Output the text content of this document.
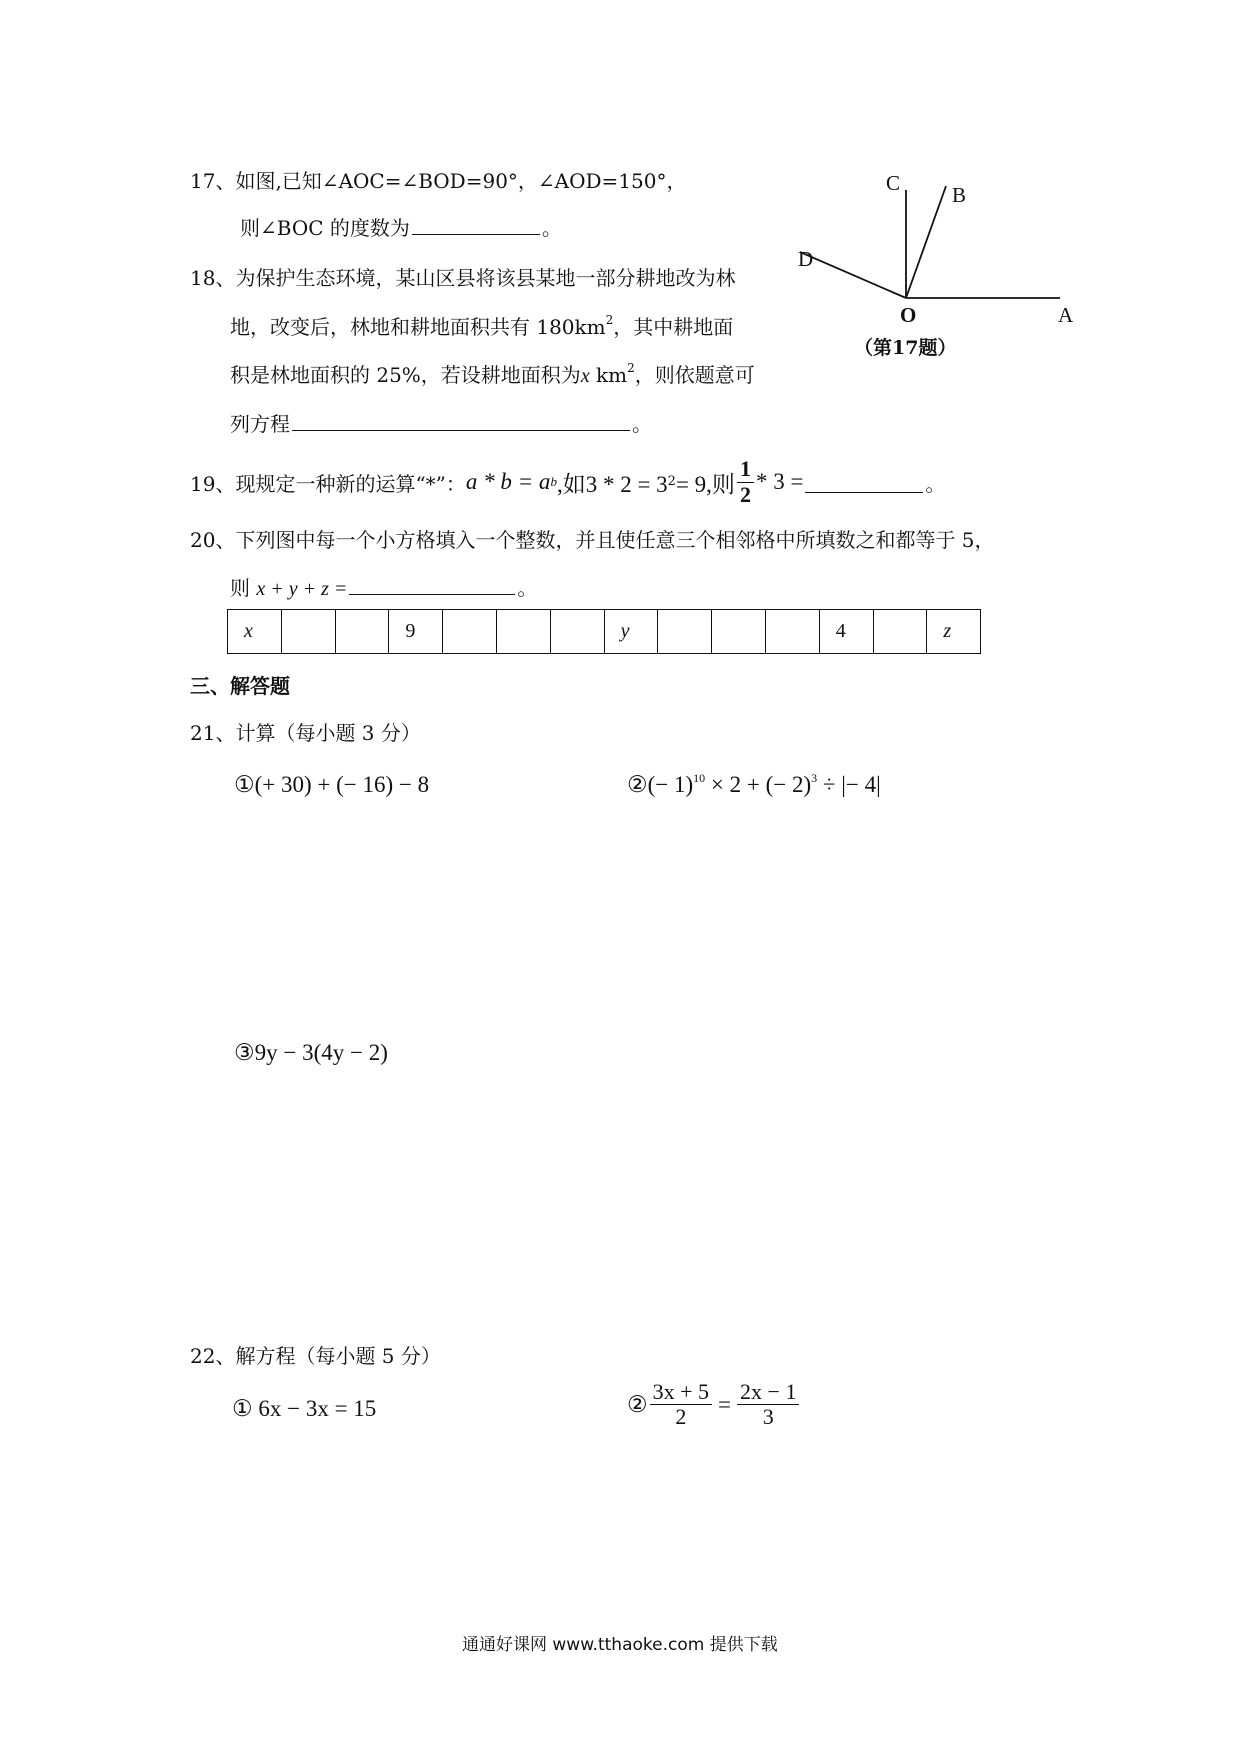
17、如图,已知∠AOC=∠BOD=90°，∠AOD=150°，
则∠BOC 的度数为	。
C B
D
O	A
（第17题）
18、为保护生态环境，某山区县将该县某地一部分耕地改为林
地，改变后，林地和耕地面积共有 $180km^2$，其中耕地面
积是林地面积的 25%，若设耕地面积为x $km^2$，则依题意可
列方程	。
19、现规定一种新的运算“*”： a * b = a b ,如3 * 2 = 3 2 = 9,则 $\frac{1}{2} * 3$ =	。
20、下列图中每一个小方格填入一个整数，并且使任意三个相邻格中所填数之和都等于 5，
则 x + y + z =	。
x			9				y				4		z
三、解答题
21、计算（每小题 3 分）
①(+ 30) + (− 16) − 8	②(− 1)$^{10}$ × 2 + (− 2)$^3$ ÷ |− 4|
③9y − 3(4y − 2)
22、解方程（每小题 5 分）
① 6x − 3x = 15	② $\frac{3x + 5}{2} = \frac{2x - 1}{3}$
通通好课网 www.tthaoke.com 提供下载
